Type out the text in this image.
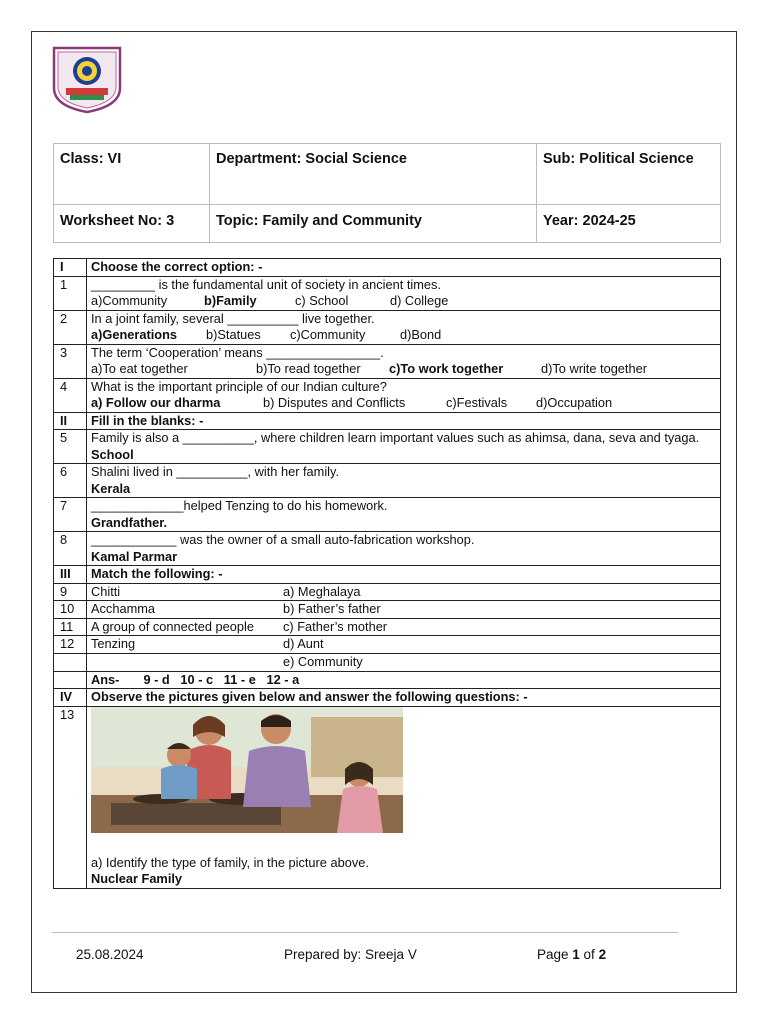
Class: VI	Department: Social Science	Sub: Political Science
Worksheet No: 3	Topic: Family and Community	Year: 2024-25
I	Choose the correct option: -
1	_________ is the fundamental unit of society in ancient times.
a)Community b)Family c) School d) College

2	In a joint family, several __________ live together.
a)Generations b)Statues c)Community d)Bond

3	The term ‘Cooperation’ means ________________.
a)To eat together b)To read together c)To work together d)To write together

4	What is the important principle of our Indian culture?
a) Follow our dharma b) Disputes and Conflicts c)Festivals d)Occupation

II	Fill in the blanks: -
5	Family is also a __________, where children learn important values such as ahimsa, dana, seva and tyaga.
School

6	Shalini lived in __________, with her family.
Kerala

7	_____________helped Tenzing to do his homework.
Grandfather.

8	____________ was the owner of a small auto-fabrication workshop.
Kamal Parmar

III	Match the following: -
9	Chitti a) Meghalaya
10	Acchamma b) Father’s father
11	A group of connected people c) Father’s mother
12	Tenzing d) Aunt
	e) Community
	Ans- 9 - d   10 - c   11 - e   12 - a
IV	Observe the pictures given below and answer the following questions: -
13	a) Identify the type of family, in the picture above.
Nuclear Family
25.08.2024	Prepared by: Sreeja V	Page 1 of 2
